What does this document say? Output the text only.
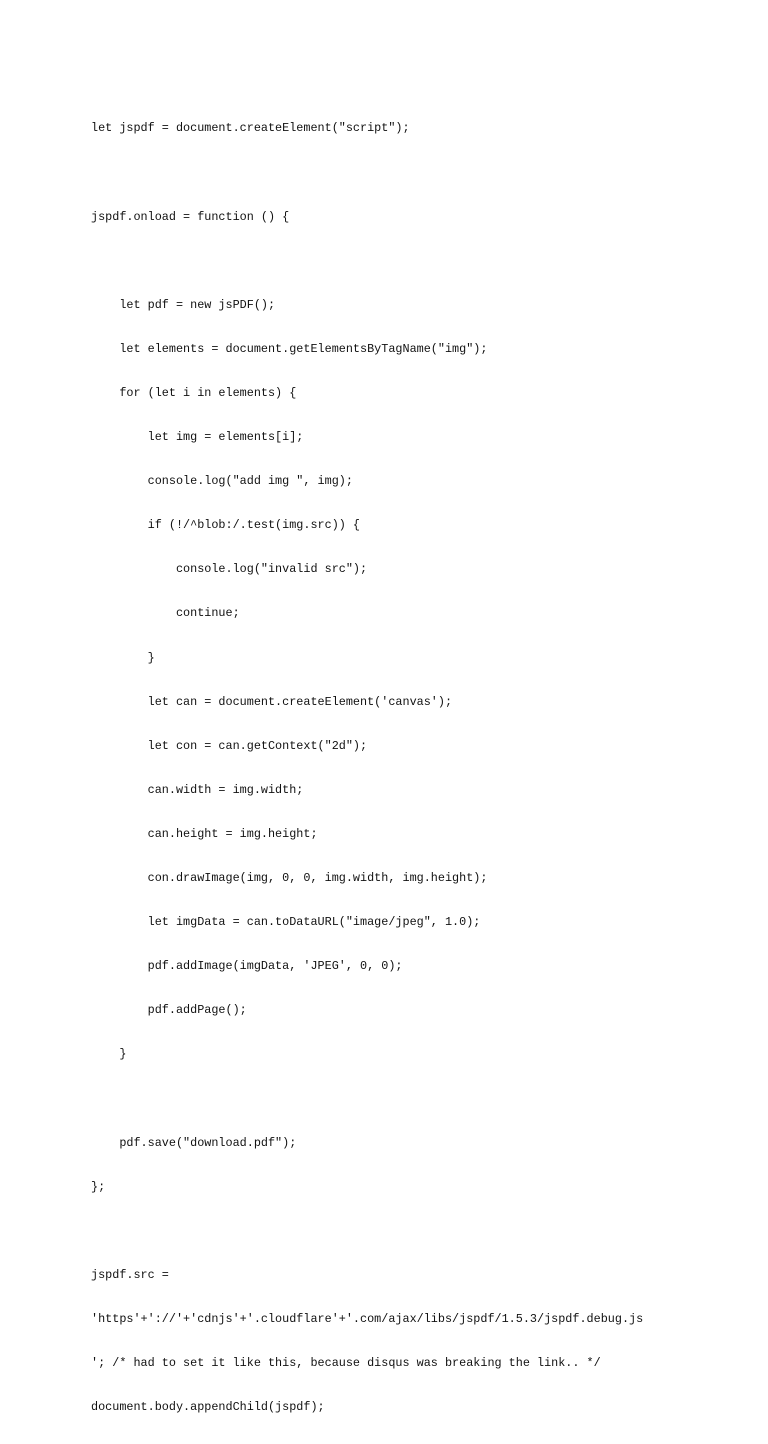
let jspdf = document.createElement("script");

jspdf.onload = function () {

let pdf = new jsPDF();

let elements = document.getElementsByTagName("img");

for (let i in elements) {

let img = elements[i];

console.log("add img ", img);

if (!/^blob:/.test(img.src)) {

console.log("invalid src");

continue;

}

let can = document.createElement('canvas');

let con = can.getContext("2d");

can.width = img.width;

can.height = img.height;

con.drawImage(img, 0, 0, img.width, img.height);

let imgData = can.toDataURL("image/jpeg", 1.0);

pdf.addImage(imgData, 'JPEG', 0, 0);

pdf.addPage();

}

pdf.save("download.pdf");

};

jspdf.src =

'https'+'://'+'cdnjs'+'.cloudflare'+'.com/ajax/libs/jspdf/1.5.3/jspdf.debug.js

'; /* had to set it like this, because disqus was breaking the link.. */

document.body.appendChild(jspdf);
